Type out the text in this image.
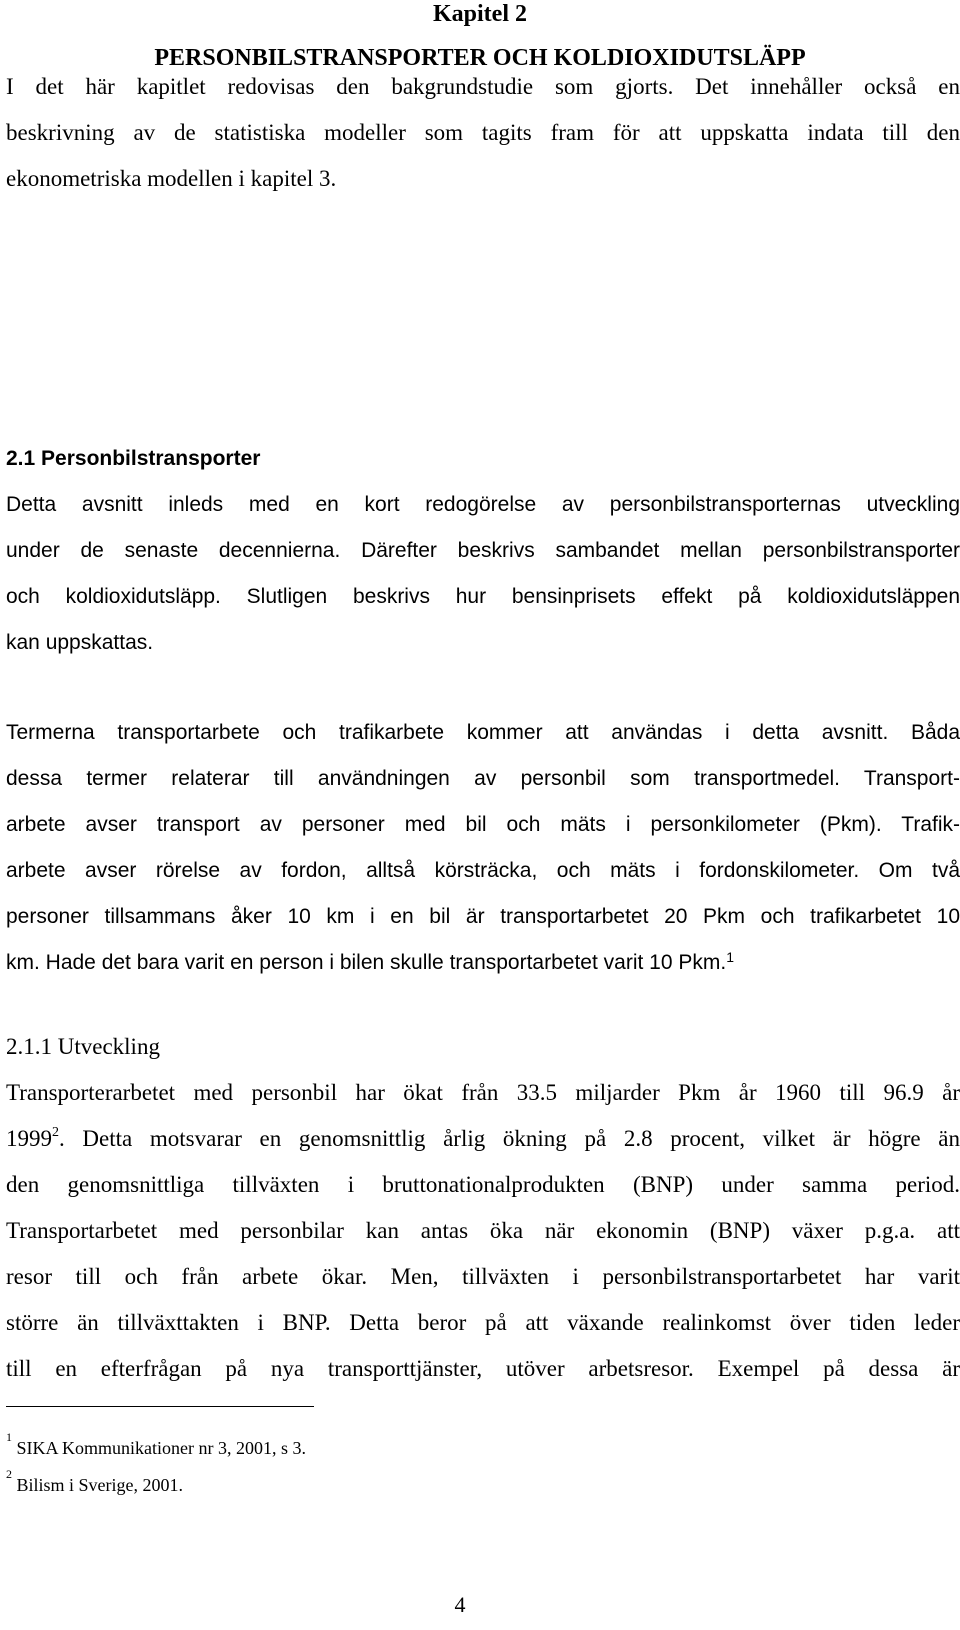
Kapitel 2
PERSONBILSTRANSPORTER OCH KOLDIOXIDUTSLÄPP
I det här kapitlet redovisas den bakgrundstudie som gjorts. Det innehåller också en
beskrivning av de statistiska modeller som tagits fram för att uppskatta indata till den
ekonometriska modellen i kapitel 3.
2.1 Personbilstransporter
Detta avsnitt inleds med en kort redogörelse av personbilstransporternas utveckling
under de senaste decennierna. Därefter beskrivs sambandet mellan personbilstransporter
och koldioxidutsläpp. Slutligen beskrivs hur bensinprisets effekt på koldioxidutsläppen
kan uppskattas.
Termerna transportarbete och trafikarbete kommer att användas i detta avsnitt. Båda
dessa termer relaterar till användningen av personbil som transportmedel. Transport-
arbete avser transport av personer med bil och mäts i personkilometer (Pkm). Trafik-
arbete avser rörelse av fordon, alltså körsträcka, och mäts i fordonskilometer. Om två
personer tillsammans åker 10 km i en bil är transportarbetet 20 Pkm och trafikarbetet 10
km. Hade det bara varit en person i bilen skulle transportarbetet varit 10 Pkm.$^1$
2.1.1 Utveckling
Transporterarbetet med personbil har ökat från 33.5 miljarder Pkm år 1960 till 96.9 år
1999$^2$. Detta motsvarar en genomsnittlig årlig ökning på 2.8 procent, vilket är högre än
den genomsnittliga tillväxten i bruttonationalprodukten (BNP) under samma period.
Transportarbetet med personbilar kan antas öka när ekonomin (BNP) växer p.g.a. att
resor till och från arbete ökar. Men, tillväxten i personbilstransportarbetet har varit
större än tillväxttakten i BNP. Detta beror på att växande realinkomst över tiden leder
till en efterfrågan på nya transporttjänster, utöver arbetsresor. Exempel på dessa är
$^1$ SIKA Kommunikationer nr 3, 2001, s 3.
$^2$ Bilism i Sverige, 2001.
4
